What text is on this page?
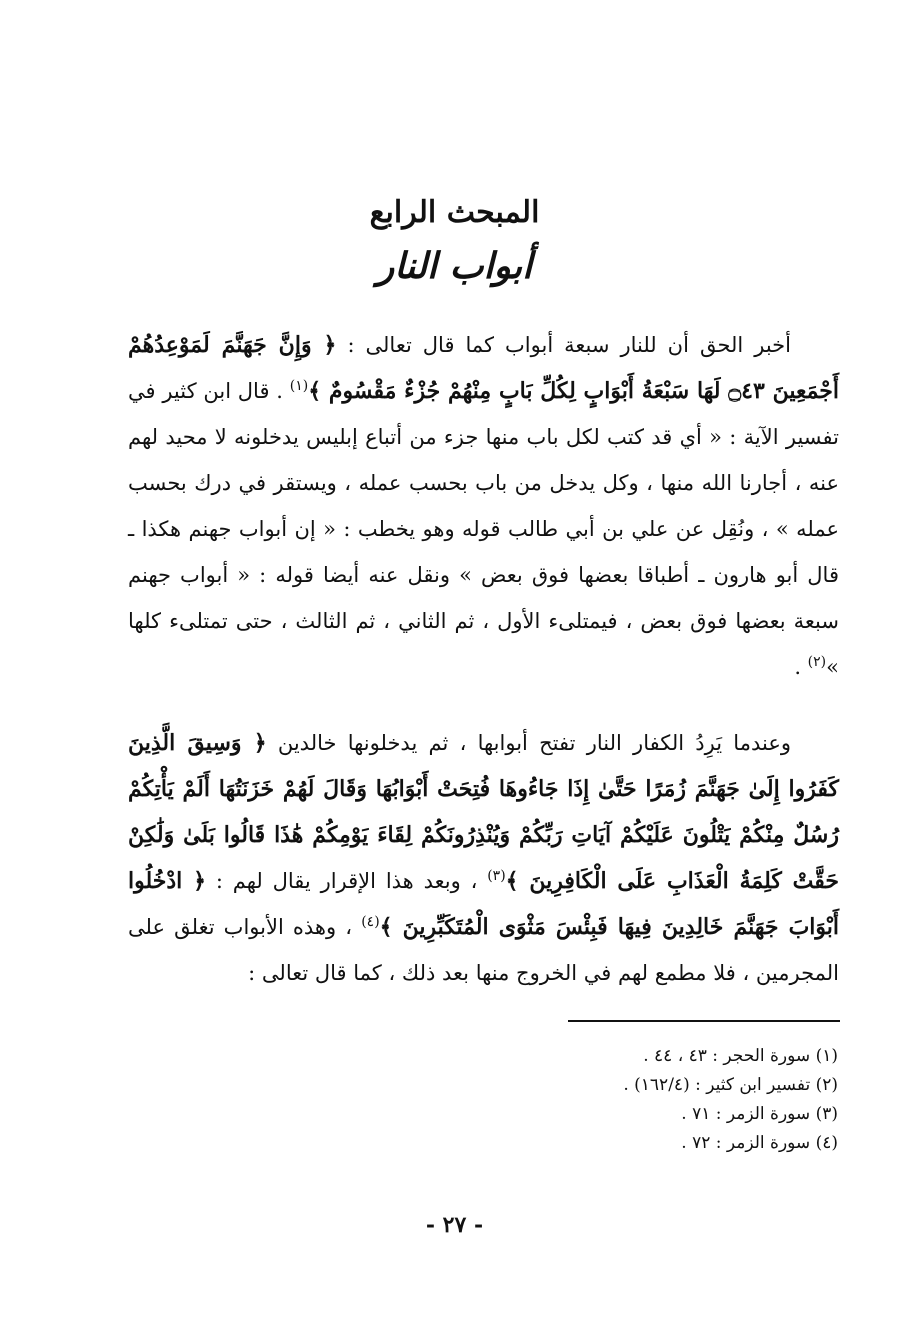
المبحث الرابع
أبواب النار

أخبر الحق أن للنار سبعة أبواب كما قال تعالى : ﴿ وَإِنَّ جَهَنَّمَ لَمَوْعِدُهُمْ أَجْمَعِينَ ۝٤٣ لَهَا سَبْعَةُ أَبْوَابٍ لِكُلِّ بَابٍ مِنْهُمْ جُزْءٌ مَقْسُومٌ ﴾$^{(١)}$ . قال ابن كثير في تفسير الآية : « أي قد كتب لكل باب منها جزء من أتباع إبليس يدخلونه لا محيد لهم عنه ، أجارنا الله منها ، وكل يدخل من باب بحسب عمله ، ويستقر في درك بحسب عمله » ، ونُقِل عن علي بن أبي طالب قوله وهو يخطب : « إن أبواب جهنم هكذا ـ قال أبو هارون ـ أطباقا بعضها فوق بعض » ونقل عنه أيضا قوله : « أبواب جهنم سبعة بعضها فوق بعض ، فيمتلىء الأول ، ثم الثاني ، ثم الثالث ، حتى تمتلىء كلها »$^{(٢)}$ .

وعندما يَرِدُ الكفار النار تفتح أبوابها ، ثم يدخلونها خالدين ﴿ وَسِيقَ الَّذِينَ كَفَرُوا إِلَىٰ جَهَنَّمَ زُمَرًا حَتَّىٰ إِذَا جَاءُوهَا فُتِحَتْ أَبْوَابُهَا وَقَالَ لَهُمْ خَزَنَتُهَا أَلَمْ يَأْتِكُمْ رُسُلٌ مِنْكُمْ يَتْلُونَ عَلَيْكُمْ آيَاتِ رَبِّكُمْ وَيُنْذِرُونَكُمْ لِقَاءَ يَوْمِكُمْ هَٰذَا قَالُوا بَلَىٰ وَلَٰكِنْ حَقَّتْ كَلِمَةُ الْعَذَابِ عَلَى الْكَافِرِينَ ﴾$^{(٣)}$ ، وبعد هذا الإقرار يقال لهم : ﴿ ادْخُلُوا أَبْوَابَ جَهَنَّمَ خَالِدِينَ فِيهَا فَبِئْسَ مَثْوَى الْمُتَكَبِّرِينَ ﴾$^{(٤)}$ ، وهذه الأبواب تغلق على المجرمين ، فلا مطمع لهم في الخروج منها بعد ذلك ، كما قال تعالى :

(١) سورة الحجر : ٤٣ ، ٤٤ .

(٢) تفسير ابن كثير : (١٦٢/٤) .

(٣) سورة الزمر : ٧١ .

(٤) سورة الزمر : ٧٢ .

- ٢٧ -
